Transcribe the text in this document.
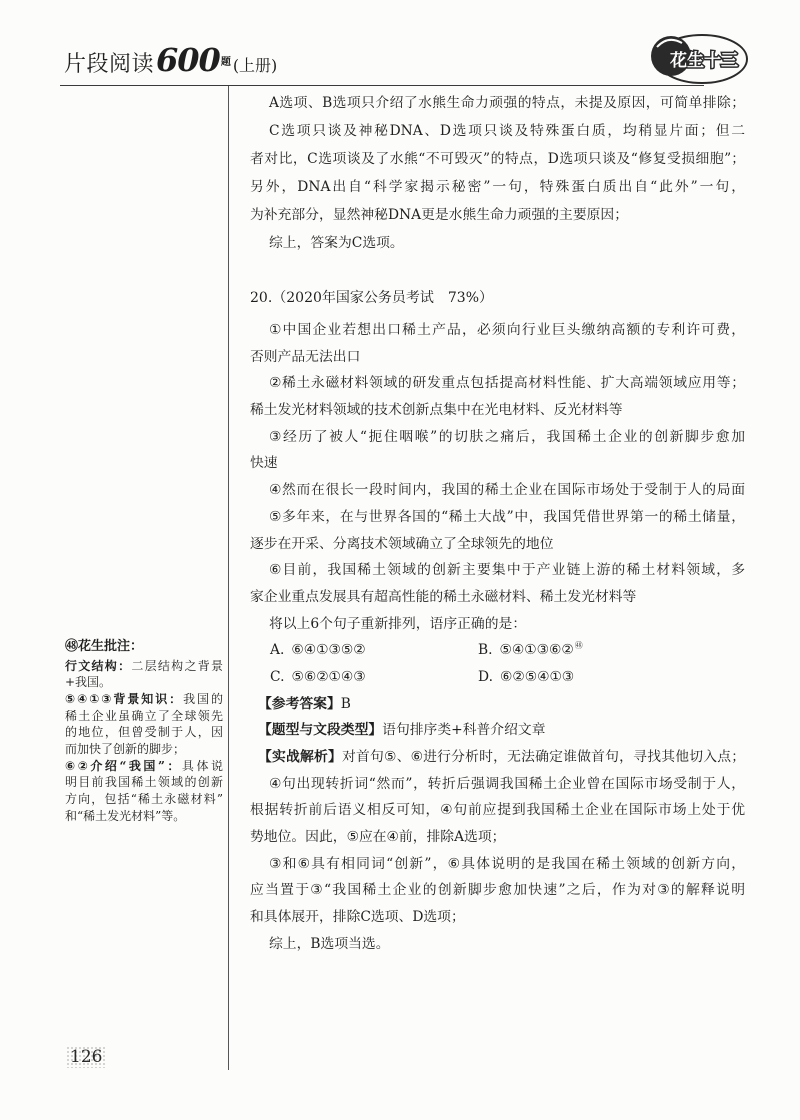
片段阅读 600 题 (上册)	花生十三
A选项、B选项只介绍了水熊生命力顽强的特点，未提及原因，可简单排除；
C选项只谈及神秘DNA、D选项只谈及特殊蛋白质，均稍显片面；但二
者对比，C选项谈及了水熊“不可毁灭”的特点，D选项只谈及“修复受损细胞”；
另外，DNA出自“科学家揭示秘密”一句，特殊蛋白质出自“此外”一句，
为补充部分，显然神秘DNA更是水熊生命力顽强的主要原因；
综上，答案为C选项。
20.（2020年国家公务员考试　73%）
①中国企业若想出口稀土产品，必须向行业巨头缴纳高额的专利许可费，
否则产品无法出口
②稀土永磁材料领域的研发重点包括提高材料性能、扩大高端领域应用等；
稀土发光材料领域的技术创新点集中在光电材料、反光材料等
③经历了被人“扼住咽喉”的切肤之痛后，我国稀土企业的创新脚步愈加
快速
④然而在很长一段时间内，我国的稀土企业在国际市场处于受制于人的局面
⑤多年来，在与世界各国的“稀土大战”中，我国凭借世界第一的稀土储量，
逐步在开采、分离技术领域确立了全球领先的地位
⑥目前，我国稀土领域的创新主要集中于产业链上游的稀土材料领域，多
家企业重点发展具有超高性能的稀土永磁材料、稀土发光材料等
将以上6个句子重新排列，语序正确的是：
A. ⑥④①③⑤②	B. ⑤④①③⑥②$^㊽$
C. ⑤⑥②①④③	D. ⑥②⑤④①③
【参考答案】B
【题型与文段类型】语句排序类+科普介绍文章
【实战解析】对首句⑤、⑥进行分析时，无法确定谁做首句，寻找其他切入点；
④句出现转折词“然而”，转折后强调我国稀土企业曾在国际市场受制于人，
根据转折前后语义相反可知，④句前应提到我国稀土企业在国际市场上处于优
势地位。因此，⑤应在④前，排除A选项；
③和⑥具有相同词“创新”，⑥具体说明的是我国在稀土领域的创新方向，
应当置于③“我国稀土企业的创新脚步愈加快速”之后，作为对③的解释说明
和具体展开，排除C选项、D选项；
综上，B选项当选。
㊽花生批注：
行文结构：二层结构之背景
+我国。
⑤④①③背景知识：我国的
稀土企业虽确立了全球领先
的地位，但曾受制于人，因
而加快了创新的脚步；
⑥②介绍“我国”：具体说
明目前我国稀土领域的创新
方向，包括“稀土永磁材料”
和“稀土发光材料”等。
126
